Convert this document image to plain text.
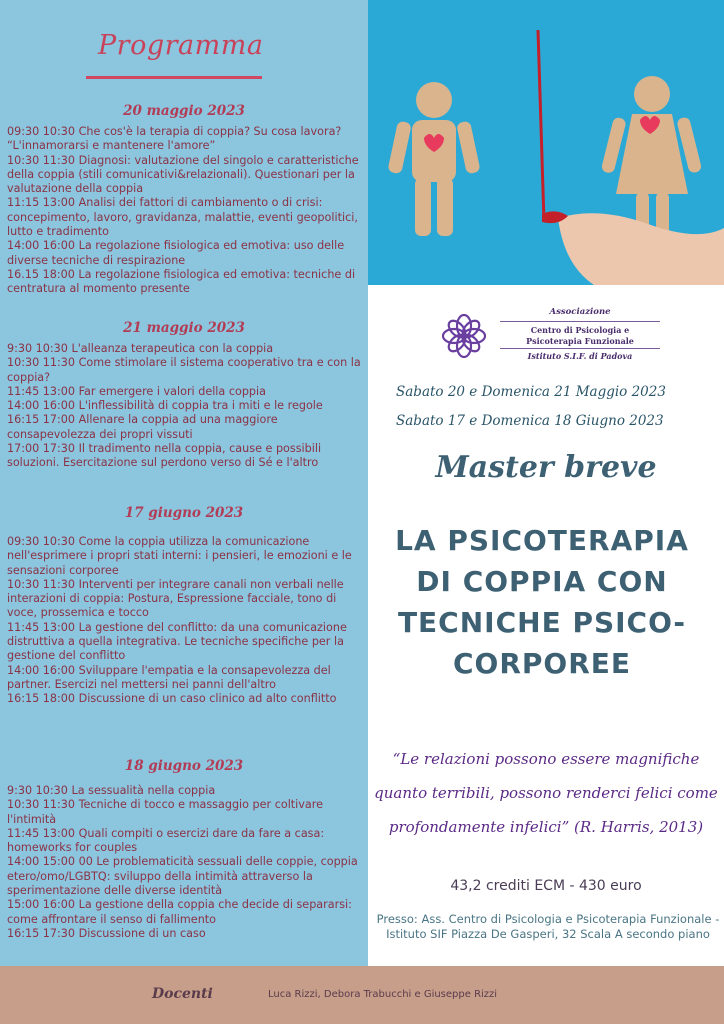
Programma
20 maggio 2023
09:30 10:30 Che cos'è la terapia di coppia? Su cosa lavora? “L'innamorarsi e mantenere l'amore”
10:30 11:30 Diagnosi: valutazione del singolo e caratteristiche della coppia (stili comunicativi&relazionali). Questionari per la valutazione della coppia
11:15 13:00 Analisi dei fattori di cambiamento o di crisi: concepimento, lavoro, gravidanza, malattie, eventi geopolitici, lutto e tradimento
14:00 16:00 La regolazione fisiologica ed emotiva: uso delle diverse tecniche di respirazione
16.15 18:00 La regolazione fisiologica ed emotiva: tecniche di centratura al momento presente
21 maggio 2023
9:30 10:30 L'alleanza terapeutica con la coppia
10:30 11:30 Come stimolare il sistema cooperativo tra e con la coppia?
11:45 13:00 Far emergere i valori della coppia
14:00 16:00 L'inflessibilità di coppia tra i miti e le regole
16:15 17:00 Allenare la coppia ad una maggiore consapevolezza dei propri vissuti
17:00 17:30 Il tradimento nella coppia, cause e possibili soluzioni. Esercitazione sul perdono verso di Sé e l'altro
17 giugno 2023
09:30 10:30 Come la coppia utilizza la comunicazione nell'esprimere i propri stati interni: i pensieri, le emozioni e le sensazioni corporee
10:30 11:30 Interventi per integrare canali non verbali nelle interazioni di coppia: Postura, Espressione facciale, tono di voce, prossemica e tocco
11:45 13:00 La gestione del conflitto: da una comunicazione distruttiva a quella integrativa. Le tecniche specifiche per la gestione del conflitto
14:00 16:00 Sviluppare l'empatia e la consapevolezza del partner. Esercizi nel mettersi nei panni dell'altro
16:15 18:00 Discussione di un caso clinico ad alto conflitto
18 giugno 2023
9:30 10:30 La sessualità nella coppia
10:30 11:30 Tecniche di tocco e massaggio per coltivare l'intimità
11:45 13:00 Quali compiti o esercizi dare da fare a casa: homeworks for couples
14:00 15:00 00 Le problematicità sessuali delle coppie, coppia etero/omo/LGBTQ: sviluppo della intimità attraverso la sperimentazione delle diverse identità
15:00 16:00 La gestione della coppia che decide di separarsi: come affrontare il senso di fallimento
16:15 17:30 Discussione di un caso
Associazione
Centro di Psicologia e
Psicoterapia Funzionale
Istituto S.I.F. di Padova
Sabato 20 e Domenica 21 Maggio 2023
Sabato 17 e Domenica 18 Giugno 2023
Master breve
LA PSICOTERAPIA DI COPPIA CON TECNICHE PSICO-CORPOREE
“Le relazioni possono essere magnifiche quanto terribili, possono renderci felici come profondamente infelici” (R. Harris, 2013)
43,2 crediti ECM - 430 euro
Presso: Ass. Centro di Psicologia e Psicoterapia Funzionale - Istituto SIF Piazza De Gasperi, 32 Scala A secondo piano
Docenti	Luca Rizzi, Debora Trabucchi e Giuseppe Rizzi
